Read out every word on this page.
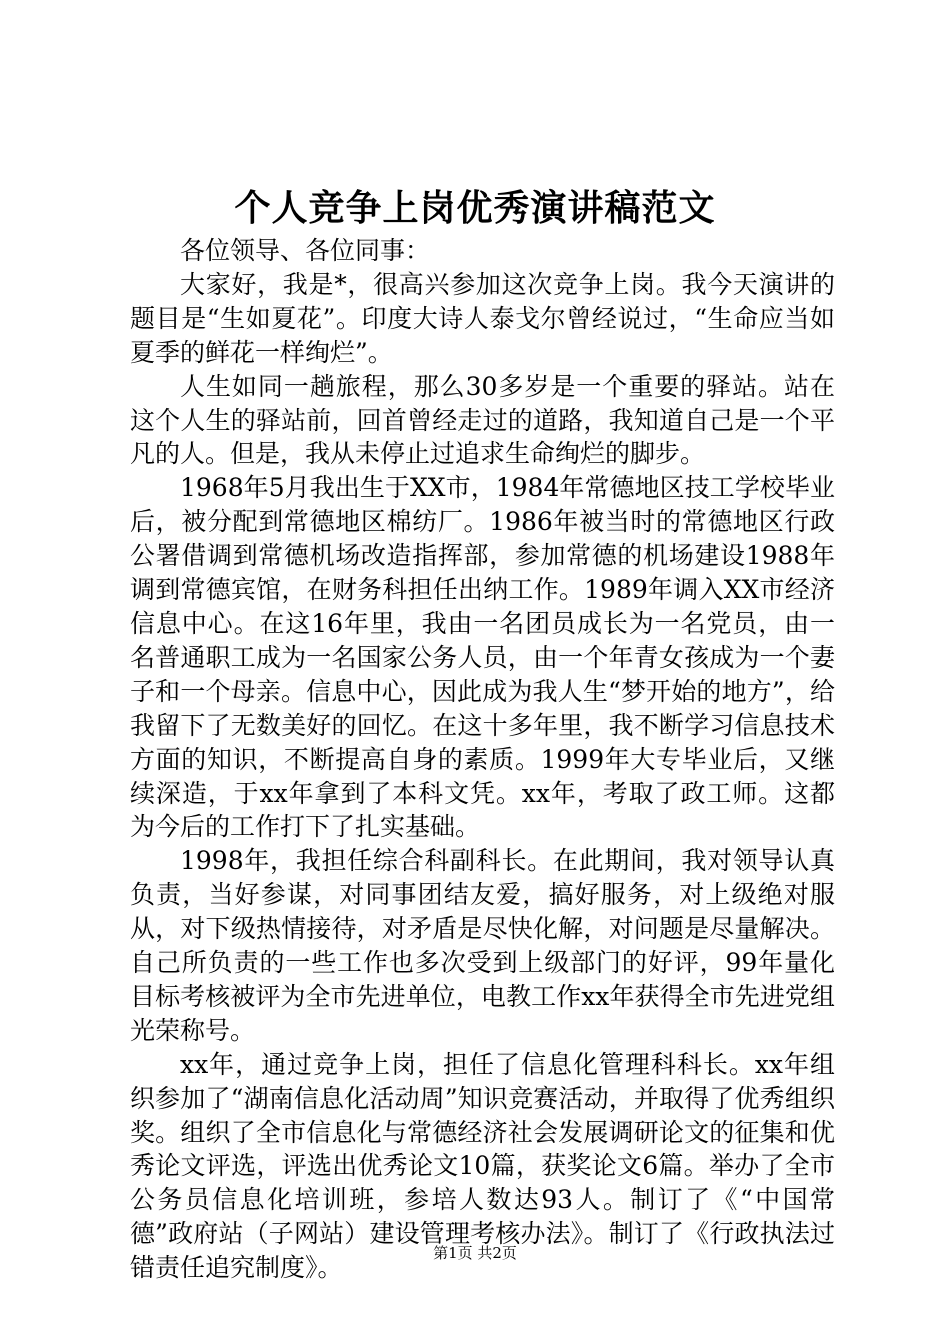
个人竞争上岗优秀演讲稿范文

各位领导、各位同事：

大家好，我是*，很高兴参加这次竞争上岗。我今天演讲的题目是“生如夏花”。印度大诗人泰戈尔曾经说过，“生命应当如夏季的鲜花一样绚烂”。

人生如同一趟旅程，那么30多岁是一个重要的驿站。站在这个人生的驿站前，回首曾经走过的道路，我知道自己是一个平凡的人。但是，我从未停止过追求生命绚烂的脚步。

1968年5月我出生于XX市，1984年常德地区技工学校毕业后，被分配到常德地区棉纺厂。1986年被当时的常德地区行政公署借调到常德机场改造指挥部，参加常德的机场建设1988年调到常德宾馆，在财务科担任出纳工作。1989年调入XX市经济信息中心。在这16年里，我由一名团员成长为一名党员，由一名普通职工成为一名国家公务人员，由一个年青女孩成为一个妻子和一个母亲。信息中心，因此成为我人生“梦开始的地方”，给我留下了无数美好的回忆。在这十多年里，我不断学习信息技术方面的知识，不断提高自身的素质。1999年大专毕业后，又继续深造，于xx年拿到了本科文凭。xx年，考取了政工师。这都为今后的工作打下了扎实基础。

1998年，我担任综合科副科长。在此期间，我对领导认真负责，当好参谋，对同事团结友爱，搞好服务，对上级绝对服从，对下级热情接待，对矛盾是尽快化解，对问题是尽量解决。自己所负责的一些工作也多次受到上级部门的好评，99年量化目标考核被评为全市先进单位，电教工作xx年获得全市先进党组光荣称号。

xx年，通过竞争上岗，担任了信息化管理科科长。xx年组织参加了“湖南信息化活动周”知识竞赛活动，并取得了优秀组织奖。组织了全市信息化与常德经济社会发展调研论文的征集和优秀论文评选，评选出优秀论文10篇，获奖论文6篇。举办了全市公务员信息化培训班，参培人数达93人。制订了《“中国常德”政府站（子网站）建设管理考核办法》。制订了《行政执法过错责任追究制度》。

第1页 共2页
